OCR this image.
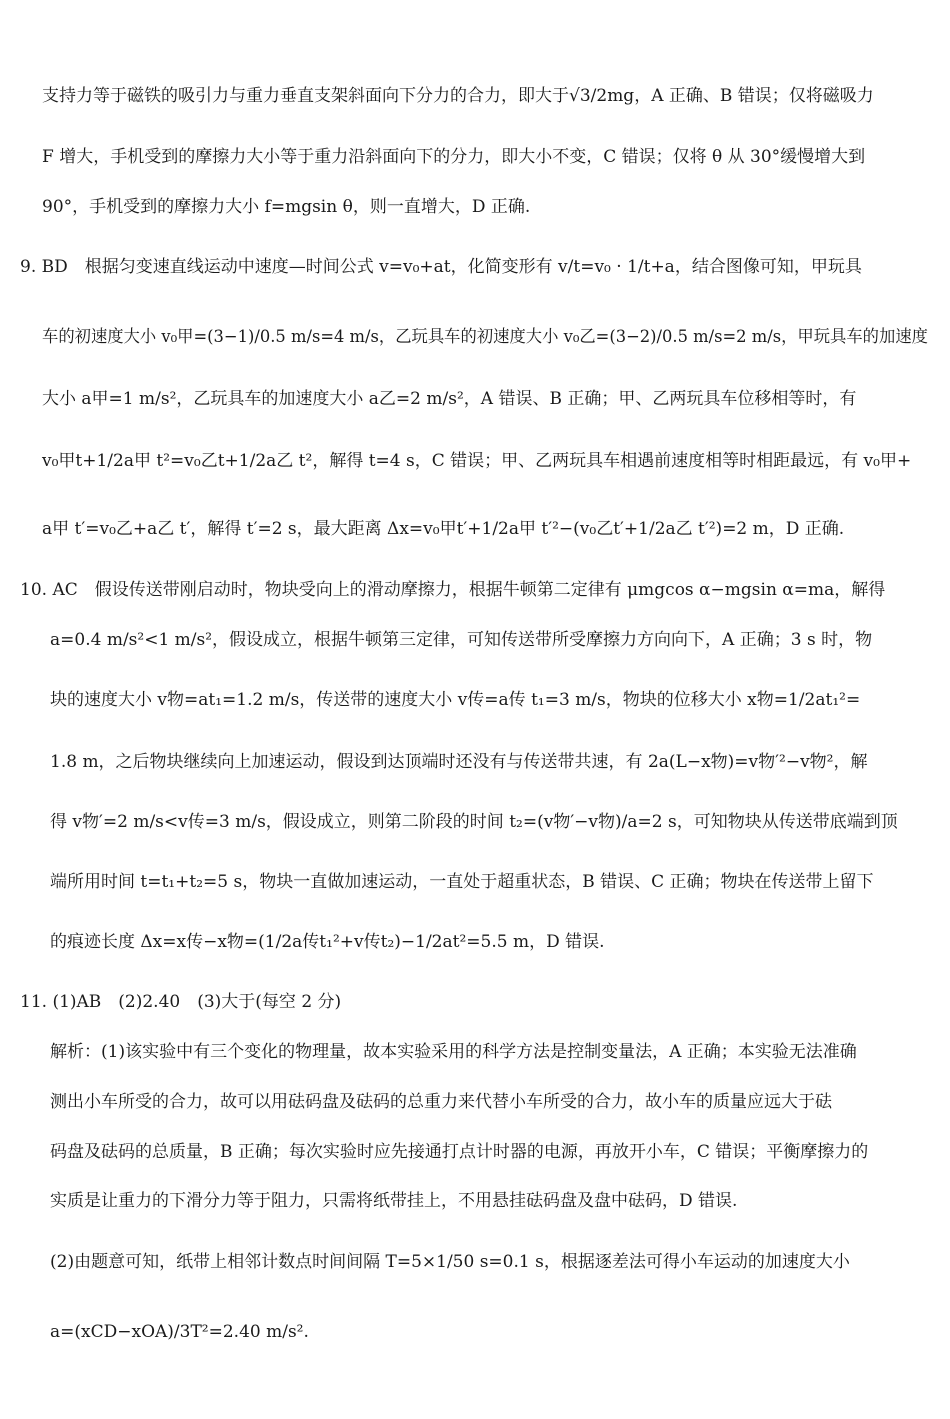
支持力等于磁铁的吸引力与重力垂直支架斜面向下分力的合力，即大于√3/2mg，A 正确、B 错误；仅将磁吸力
F 增大，手机受到的摩擦力大小等于重力沿斜面向下的分力，即大小不变，C 错误；仅将 θ 从 30°缓慢增大到
90°，手机受到的摩擦力大小 f=mgsin θ，则一直增大，D 正确.
9. BD　根据匀变速直线运动中速度—时间公式 v=v₀+at，化简变形有 v/t=v₀ · 1/t+a，结合图像可知，甲玩具
车的初速度大小 v₀甲=(3−1)/0.5 m/s=4 m/s，乙玩具车的初速度大小 v₀乙=(3−2)/0.5 m/s=2 m/s，甲玩具车的加速度
大小 a甲=1 m/s²，乙玩具车的加速度大小 a乙=2 m/s²，A 错误、B 正确；甲、乙两玩具车位移相等时，有
v₀甲t+1/2a甲 t²=v₀乙t+1/2a乙 t²，解得 t=4 s，C 错误；甲、乙两玩具车相遇前速度相等时相距最远，有 v₀甲+
a甲 t′=v₀乙+a乙 t′，解得 t′=2 s，最大距离 Δx=v₀甲t′+1/2a甲 t′²−(v₀乙t′+1/2a乙 t′²)=2 m，D 正确.
10. AC　假设传送带刚启动时，物块受向上的滑动摩擦力，根据牛顿第二定律有 μmgcos α−mgsin α=ma，解得
a=0.4 m/s²<1 m/s²，假设成立，根据牛顿第三定律，可知传送带所受摩擦力方向向下，A 正确；3 s 时，物
块的速度大小 v物=at₁=1.2 m/s，传送带的速度大小 v传=a传 t₁=3 m/s，物块的位移大小 x物=1/2at₁²=
1.8 m，之后物块继续向上加速运动，假设到达顶端时还没有与传送带共速，有 2a(L−x物)=v物′²−v物²，解
得 v物′=2 m/s<v传=3 m/s，假设成立，则第二阶段的时间 t₂=(v物′−v物)/a=2 s，可知物块从传送带底端到顶
端所用时间 t=t₁+t₂=5 s，物块一直做加速运动，一直处于超重状态，B 错误、C 正确；物块在传送带上留下
的痕迹长度 Δx=x传−x物=(1/2a传t₁²+v传t₂)−1/2at²=5.5 m，D 错误.
11. (1)AB　(2)2.40　(3)大于(每空 2 分)
解析：(1)该实验中有三个变化的物理量，故本实验采用的科学方法是控制变量法，A 正确；本实验无法准确
测出小车所受的合力，故可以用砝码盘及砝码的总重力来代替小车所受的合力，故小车的质量应远大于砝
码盘及砝码的总质量，B 正确；每次实验时应先接通打点计时器的电源，再放开小车，C 错误；平衡摩擦力的
实质是让重力的下滑分力等于阻力，只需将纸带挂上，不用悬挂砝码盘及盘中砝码，D 错误.
(2)由题意可知，纸带上相邻计数点时间间隔 T=5×1/50 s=0.1 s，根据逐差法可得小车运动的加速度大小
a=(xCD−xOA)/3T²=2.40 m/s².
